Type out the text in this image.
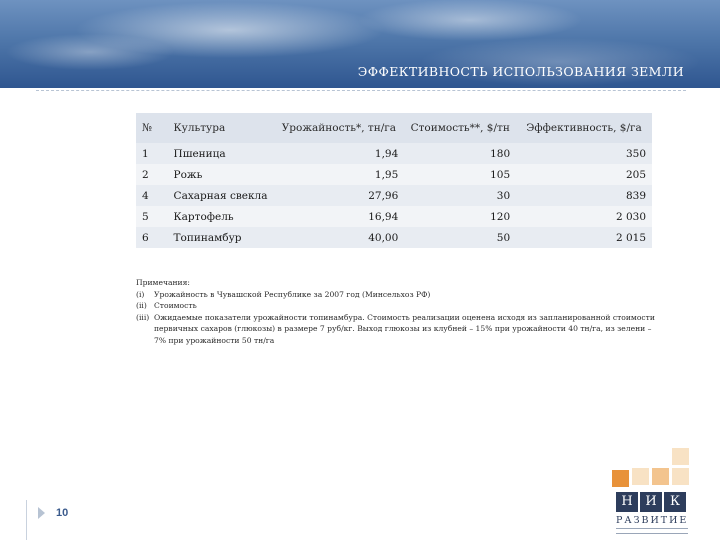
ЭФФЕКТИВНОСТЬ ИСПОЛЬЗОВАНИЯ ЗЕМЛИ
№	Культура	Урожайность*, тн/га	Стоимость**, $/тн	Эффективность, $/га
1	Пшеница	1,94	180	350
2	Рожь	1,95	105	205
4	Сахарная свекла	27,96	30	839
5	Картофель	16,94	120	2 030
6	Топинамбур	40,00	50	2 015
Примечания:
(i)	Урожайность в Чувашской Республике за 2007 год (Минсельхоз РФ)
(ii) Стоимость
(iii) Ожидаемые показатели урожайности топинамбура. Стоимость реализации оценена исходя из запланированной стоимости первичных сахаров (глюкозы) в размере 7 руб/кг. Выход глюкозы из клубней – 15% при урожайности 40 тн/га, из зелени – 7% при урожайности 50 тн/га
10
Н И	К
РАЗВИТИЕ
